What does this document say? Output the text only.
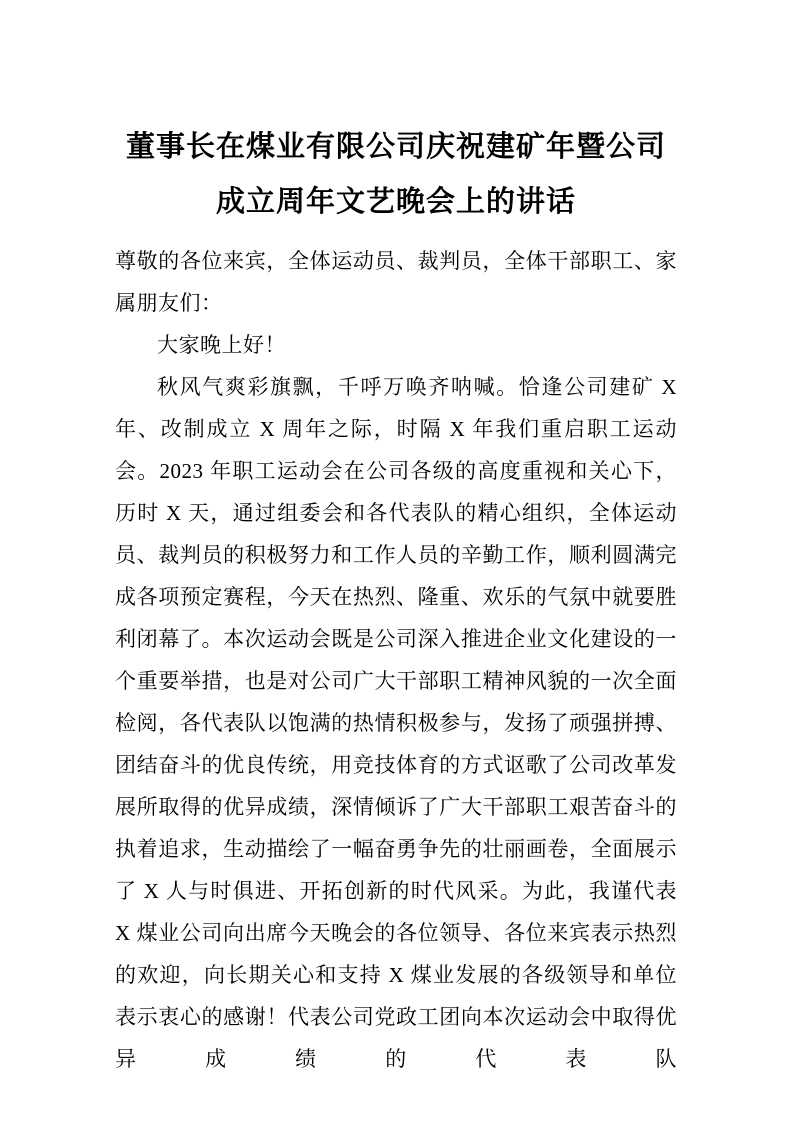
董事长在煤业有限公司庆祝建矿年暨公司成立周年文艺晚会上的讲话

尊敬的各位来宾，全体运动员、裁判员，全体干部职工、家属朋友们：

大家晚上好！

秋风气爽彩旗飘，千呼万唤齐呐喊。恰逢公司建矿 X 年、改制成立 X 周年之际，时隔 X 年我们重启职工运动会。2023 年职工运动会在公司各级的高度重视和关心下，历时 X 天，通过组委会和各代表队的精心组织，全体运动员、裁判员的积极努力和工作人员的辛勤工作，顺利圆满完成各项预定赛程，今天在热烈、隆重、欢乐的气氛中就要胜利闭幕了。本次运动会既是公司深入推进企业文化建设的一个重要举措，也是对公司广大干部职工精神风貌的一次全面检阅，各代表队以饱满的热情积极参与，发扬了顽强拼搏、团结奋斗的优良传统，用竞技体育的方式讴歌了公司改革发展所取得的优异成绩，深情倾诉了广大干部职工艰苦奋斗的执着追求，生动描绘了一幅奋勇争先的壮丽画卷，全面展示了 X 人与时俱进、开拓创新的时代风采。为此，我谨代表 X 煤业公司向出席今天晚会的各位领导、各位来宾表示热烈的欢迎，向长期关心和支持 X 煤业发展的各级领导和单位表示衷心的感谢！代表公司党政工团向本次运动会中取得优异成绩的代表队
